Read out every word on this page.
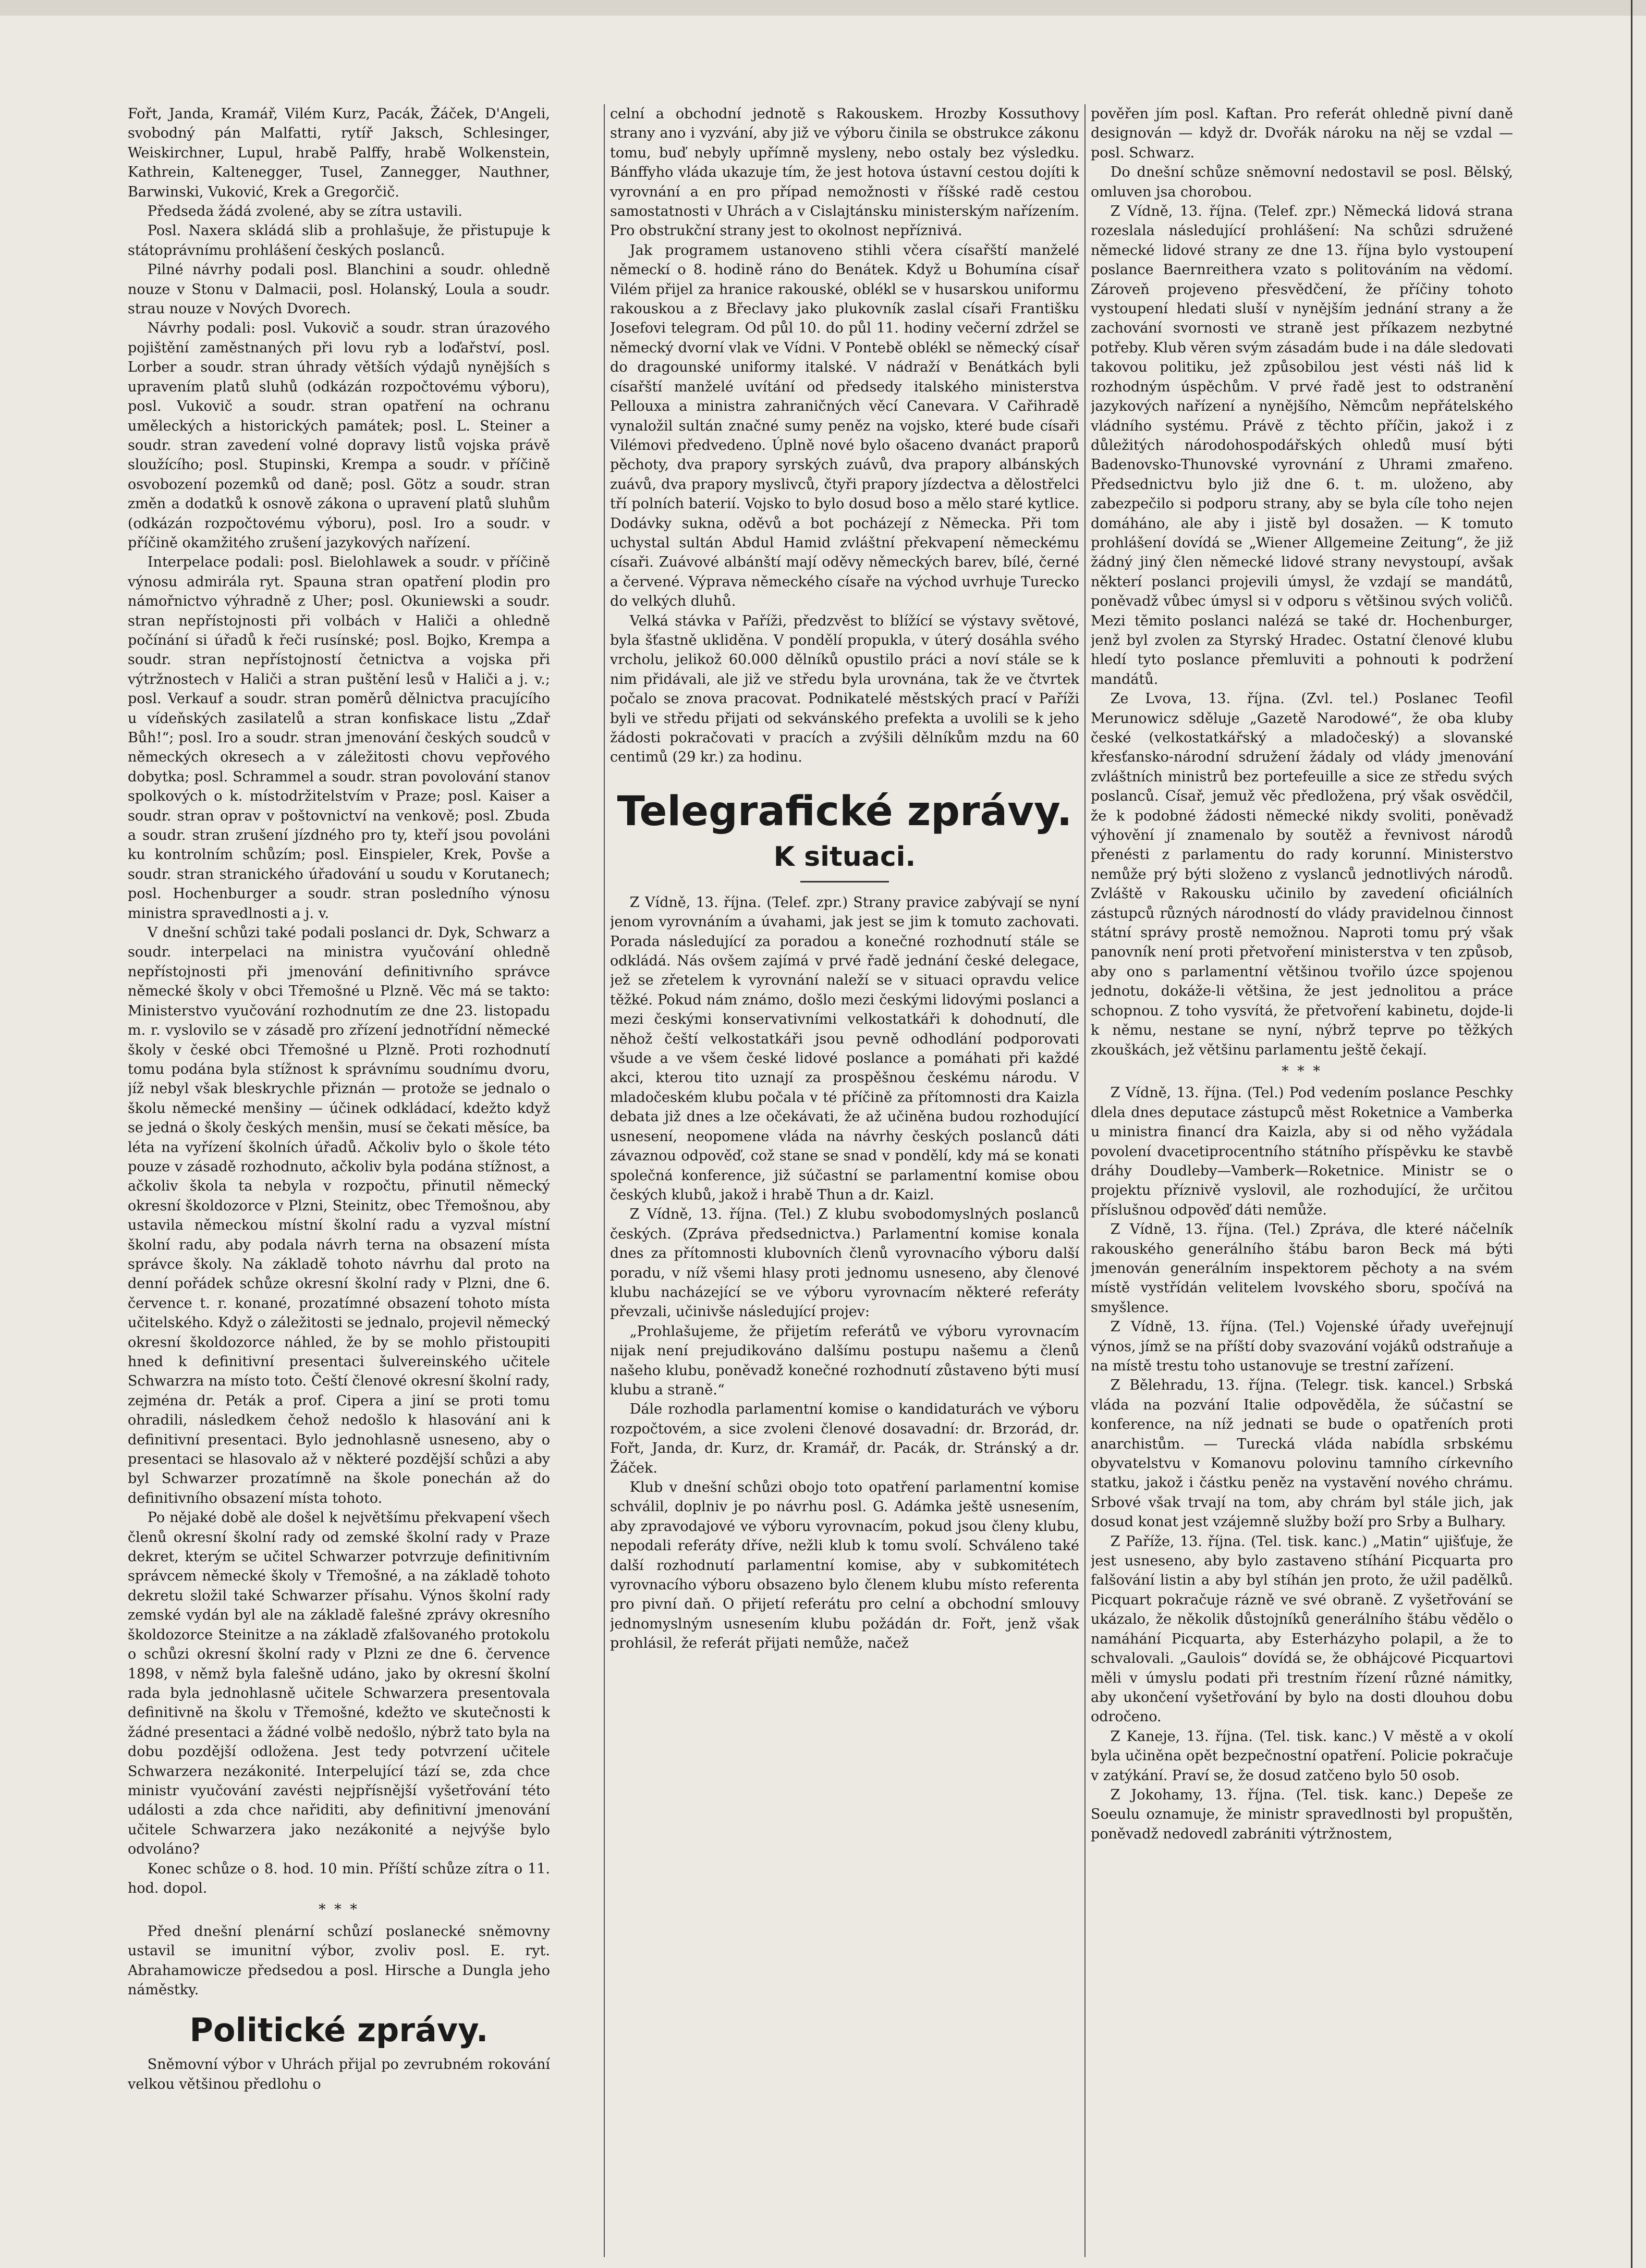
Fořt, Janda, Kramář, Vilém Kurz, Pacák, Žáček, D'Angeli, svobodný pán Malfatti, rytíř Jaksch, Schlesinger, Weiskirchner, Lupul, hrabě Palffy, hrabě Wolkenstein, Kathrein, Kaltenegger, Tusel, Zannegger, Nauthner, Barwinski, Vuković, Krek a Gregorčič.

Předseda žádá zvolené, aby se zítra ustavili.

Posl. Naxera skládá slib a prohlašuje, že přistupuje k státoprávnímu prohlášení českých poslanců.

Pilné návrhy podali posl. Blanchini a soudr. ohledně nouze v Stonu v Dalmacii, posl. Holanský, Loula a soudr. strau nouze v Nových Dvorech.

Návrhy podali: posl. Vukovič a soudr. stran úrazového pojištění zaměstnaných při lovu ryb a loďařství, posl. Lorber a soudr. stran úhrady větších výdajů nynějších s upravením platů sluhů (odkázán rozpočtovému výboru), posl. Vukovič a soudr. stran opatření na ochranu uměleckých a historických památek; posl. L. Steiner a soudr. stran zavedení volné dopravy listů vojska právě sloužícího; posl. Stupinski, Krempa a soudr. v příčině osvobození pozemků od daně; posl. Götz a soudr. stran změn a dodatků k osnově zákona o upravení platů sluhům (odkázán rozpočtovému výboru), posl. Iro a soudr. v příčině okamžitého zrušení jazykových nařízení.

Interpelace podali: posl. Bielohlawek a soudr. v příčině výnosu admirála ryt. Spauna stran opatření plodin pro námořnictvo výhradně z Uher; posl. Okuniewski a soudr. stran nepřístojnosti při volbách v Haliči a ohledně počínání si úřadů k řeči rusínské; posl. Bojko, Krempa a soudr. stran nepřístojností četnictva a vojska při výtržnostech v Haliči a stran puštění lesů v Haliči a j. v.; posl. Verkauf a soudr. stran poměrů dělnictva pracujícího u vídeňských zasilatelů a stran konfiskace listu „Zdař Bůh!“; posl. Iro a soudr. stran jmenování českých soudců v německých okresech a v záležitosti chovu vepřového dobytka; posl. Schrammel a soudr. stran povolování stanov spolkových o k. místodržitelstvím v Praze; posl. Kaiser a soudr. stran oprav v poštovnictví na venkově; posl. Zbuda a soudr. stran zrušení jízdného pro ty, kteří jsou povoláni ku kontrolním schůzím; posl. Einspieler, Krek, Povše a soudr. stran stranického úřadování u soudu v Korutanech; posl. Hochenburger a soudr. stran posledního výnosu ministra spravedlnosti a j. v.

V dnešní schůzi také podali poslanci dr. Dyk, Schwarz a soudr. interpelaci na ministra vyučování ohledně nepřístojnosti při jmenování definitivního správce německé školy v obci Třemošné u Plzně. Věc má se takto: Ministerstvo vyučování rozhodnutím ze dne 23. listopadu m. r. vyslovilo se v zásadě pro zřízení jednotřídní německé školy v české obci Třemošné u Plzně. Proti rozhodnutí tomu podána byla stížnost k správnímu soudnímu dvoru, jíž nebyl však bleskrychle přiznán — protože se jednalo o školu německé menšiny — účinek odkládací, kdežto když se jedná o školy českých menšin, musí se čekati měsíce, ba léta na vyřízení školních úřadů. Ačkoliv bylo o škole této pouze v zásadě rozhodnuto, ačkoliv byla podána stížnost, a ačkoliv škola ta nebyla v rozpočtu, přinutil německý okresní školdozorce v Plzni, Steinitz, obec Třemošnou, aby ustavila německou místní školní radu a vyzval místní školní radu, aby podala návrh terna na obsazení místa správce školy. Na základě tohoto návrhu dal proto na denní pořádek schůze okresní školní rady v Plzni, dne 6. července t. r. konané, prozatímné obsazení tohoto místa učitelského. Když o záležitosti se jednalo, projevil německý okresní školdozorce náhled, že by se mohlo přistoupiti hned k definitivní presentaci šulvereinského učitele Schwarzra na místo toto. Čeští členové okresní školní rady, zejména dr. Peták a prof. Cipera a jiní se proti tomu ohradili, následkem čehož nedošlo k hlasování ani k definitivní presentaci. Bylo jednohlasně usneseno, aby o presentaci se hlasovalo až v některé pozdější schůzi a aby byl Schwarzer prozatímně na škole ponechán až do definitivního obsazení místa tohoto.

Po nějaké době ale došel k největšímu překvapení všech členů okresní školní rady od zemské školní rady v Praze dekret, kterým se učitel Schwarzer potvrzuje definitivním správcem německé školy v Třemošné, a na základě tohoto dekretu složil také Schwarzer přísahu. Výnos školní rady zemské vydán byl ale na základě falešné zprávy okresního školdozorce Steinitze a na základě zfalšovaného protokolu o schůzi okresní školní rady v Plzni ze dne 6. července 1898, v němž byla falešně udáno, jako by okresní školní rada byla jednohlasně učitele Schwarzera presentovala definitivně na školu v Třemošné, kdežto ve skutečnosti k žádné presentaci a žádné volbě nedošlo, nýbrž tato byla na dobu pozdější odložena. Jest tedy potvrzení učitele Schwarzera nezákonité. Interpelující tází se, zda chce ministr vyučování zavésti nejpřísnější vyšetřování této události a zda chce nařiditi, aby definitivní jmenování učitele Schwarzera jako nezákonité a nejvýše bylo odvoláno?

Konec schůze o 8. hod. 10 min. Příští schůze zítra o 11. hod. dopol.

* * *

Před dnešní plenární schůzí poslanecké sněmovny ustavil se imunitní výbor, zvoliv posl. E. ryt. Abrahamowicze předsedou a posl. Hirsche a Dungla jeho náměstky.

Politické zprávy.

Sněmovní výbor v Uhrách přijal po zevrubném rokování velkou většinou předlohu o

celní a obchodní jednotě s Rakouskem. Hrozby Kossuthovy strany ano i vyzvání, aby již ve výboru činila se obstrukce zákonu tomu, buď nebyly upřímně mysleny, nebo ostaly bez výsledku. Bánffyho vláda ukazuje tím, že jest hotova ústavní cestou dojíti k vyrovnání a en pro případ nemožnosti v říšské radě cestou samostatnosti v Uhrách a v Cislajtánsku ministerským nařízením. Pro obstrukční strany jest to okolnost nepříznivá.

Jak programem ustanoveno stihli včera císařští manželé německí o 8. hodině ráno do Benátek. Když u Bohumína císař Vilém přijel za hranice rakouské, oblékl se v husarskou uniformu rakouskou a z Břeclavy jako plukovník zaslal císaři Františku Josefovi telegram. Od půl 10. do půl 11. hodiny večerní zdržel se německý dvorní vlak ve Vídni. V Pontebě oblékl se německý císař do dragounské uniformy italské. V nádraží v Benátkách byli císařští manželé uvítání od předsedy italského ministerstva Pellouxa a ministra zahraničných věcí Canevara. V Cařihradě vynaložil sultán značné sumy peněz na vojsko, které bude císaři Vilémovi předvedeno. Úplně nové bylo ošaceno dvanáct praporů pěchoty, dva prapory syrských zuávů, dva prapory albánských zuávů, dva prapory myslivců, čtyři prapory jízdectva a dělostřelci tří polních baterií. Vojsko to bylo dosud boso a mělo staré kytlice. Dodávky sukna, oděvů a bot pocházejí z Německa. Při tom uchystal sultán Abdul Hamid zvláštní překvapení německému císaři. Zuávové albánští mají oděvy německých barev, bílé, černé a červené. Výprava německého císaře na východ uvrhuje Turecko do velkých dluhů.

Velká stávka v Paříži, předzvěst to blížící se výstavy světové, byla šťastně ukliděna. V pondělí propukla, v úterý dosáhla svého vrcholu, jelikož 60.000 dělníků opustilo práci a noví stále se k nim přidávali, ale již ve středu byla urovnána, tak že ve čtvrtek počalo se znova pracovat. Podnikatelé městských prací v Paříži byli ve středu přijati od sekvánského prefekta a uvolili se k jeho žádosti pokračovati v pracích a zvýšili dělníkům mzdu na 60 centimů (29 kr.) za hodinu.

Telegrafické zprávy.
K situaci.

Z Vídně, 13. října. (Telef. zpr.) Strany pravice zabývají se nyní jenom vyrovnáním a úvahami, jak jest se jim k tomuto zachovati. Porada následující za poradou a konečné rozhodnutí stále se odkládá. Nás ovšem zajímá v prvé řadě jednání české delegace, jež se zřetelem k vyrovnání naleží se v situaci opravdu velice těžké. Pokud nám známo, došlo mezi českými lidovými poslanci a mezi českými konservativními velkostatkáři k dohodnutí, dle něhož čeští velkostatkáři jsou pevně odhodlání podporovati všude a ve všem české lidové poslance a pomáhati při každé akci, kterou tito uznají za prospěšnou českému národu. V mladočeském klubu počala v té příčině za přítomnosti dra Kaizla debata již dnes a lze očekávati, že až učiněna budou rozhodující usnesení, neopomene vláda na návrhy českých poslanců dáti závaznou odpověď, což stane se snad v pondělí, kdy má se konati společná konference, již súčastní se parlamentní komise obou českých klubů, jakož i hrabě Thun a dr. Kaizl.

Z Vídně, 13. října. (Tel.) Z klubu svobodomyslných poslanců českých. (Zpráva předsednictva.) Parlamentní komise konala dnes za přítomnosti klubovních členů vyrovnacího výboru další poradu, v níž všemi hlasy proti jednomu usneseno, aby členové klubu nacházející se ve výboru vyrovnacím některé referáty převzali, učinivše následující projev:

„Prohlašujeme, že přijetím referátů ve výboru vyrovnacím nijak není prejudikováno dalšímu postupu našemu a členů našeho klubu, poněvadž konečné rozhodnutí zůstaveno býti musí klubu a straně.“

Dále rozhodla parlamentní komise o kandidaturách ve výboru rozpočtovém, a sice zvoleni členové dosavadní: dr. Brzorád, dr. Fořt, Janda, dr. Kurz, dr. Kramář, dr. Pacák, dr. Stránský a dr. Žáček.

Klub v dnešní schůzi obojo toto opatření parlamentní komise schválil, doplniv je po návrhu posl. G. Adámka ještě usnesením, aby zpravodajové ve výboru vyrovnacím, pokud jsou členy klubu, nepodali referáty dříve, nežli klub k tomu svolí. Schváleno také další rozhodnutí parlamentní komise, aby v subkomitétech vyrovnacího výboru obsazeno bylo členem klubu místo referenta pro pivní daň. O přijetí referátu pro celní a obchodní smlouvy jednomyslným usnesením klubu požádán dr. Fořt, jenž však prohlásil, že referát přijati nemůže, načež

pověřen jím posl. Kaftan. Pro referát ohledně pivní daně designován — když dr. Dvořák nároku na něj se vzdal — posl. Schwarz.

Do dnešní schůze sněmovní nedostavil se posl. Bělský, omluven jsa chorobou.

Z Vídně, 13. října. (Telef. zpr.) Německá lidová strana rozeslala následující prohlášení: Na schůzi sdružené německé lidové strany ze dne 13. října bylo vystoupení poslance Baernreithera vzato s politováním na vědomí. Zároveň projeveno přesvědčení, že příčiny tohoto vystoupení hledati sluší v nynějším jednání strany a že zachování svornosti ve straně jest příkazem nezbytné potřeby. Klub věren svým zásadám bude i na dále sledovati takovou politiku, jež způsobilou jest vésti náš lid k rozhodným úspěchům. V prvé řadě jest to odstranění jazykových nařízení a nynějšího, Němcům nepřátelského vládního systému. Právě z těchto příčin, jakož i z důležitých národohospodářských ohledů musí býti Badenovsko-Thunovské vyrovnání z Uhrami zmařeno. Předsednictvu bylo již dne 6. t. m. uloženo, aby zabezpečilo si podporu strany, aby se byla cíle toho nejen domáháno, ale aby i jistě byl dosažen. — K tomuto prohlášení dovídá se „Wiener Allgemeine Zeitung“, že již žádný jiný člen německé lidové strany nevystoupí, avšak některí poslanci projevili úmysl, že vzdají se mandátů, poněvadž vůbec úmysl si v odporu s většinou svých voličů. Mezi těmito poslanci nalézá se také dr. Hochenburger, jenž byl zvolen za Styrský Hradec. Ostatní členové klubu hledí tyto poslance přemluviti a pohnouti k podržení mandátů.

Ze Lvova, 13. října. (Zvl. tel.) Poslanec Teofil Merunowicz sděluje „Gazetě Narodowé“, že oba kluby české (velkostatkářský a mladočeský) a slovanské křesťansko-národní sdružení žádaly od vlády jmenování zvláštních ministrů bez portefeuille a sice ze středu svých poslanců. Císař, jemuž věc předložena, prý však osvědčil, že k podobné žádosti německé nikdy svoliti, poněvadž výhovění jí znamenalo by soutěž a řevnivost národů přenésti z parlamentu do rady korunní. Ministerstvo nemůže prý býti složeno z vyslanců jednotlivých národů. Zvláště v Rakousku učinilo by zavedení oficiálních zástupců různých národností do vlády pravidelnou činnost státní správy prostě nemožnou. Naproti tomu prý však panovník není proti přetvoření ministerstva v ten způsob, aby ono s parlamentní většinou tvořilo úzce spojenou jednotu, dokáže-li většina, že jest jednolitou a práce schopnou. Z toho vysvítá, že přetvoření kabinetu, dojde-li k němu, nestane se nyní, nýbrž teprve po těžkých zkouškách, jež většinu parlamentu ještě čekají.

* * *

Z Vídně, 13. října. (Tel.) Pod vedením poslance Peschky dlela dnes deputace zástupců měst Roketnice a Vamberka u ministra financí dra Kaizla, aby si od něho vyžádala povolení dvacetiprocentního státního příspěvku ke stavbě dráhy Doudleby—Vamberk—Roketnice. Ministr se o projektu příznivě vyslovil, ale rozhodující, že určitou příslušnou odpověď dáti nemůže.

Z Vídně, 13. října. (Tel.) Zpráva, dle které náčelník rakouského generálního štábu baron Beck má býti jmenován generálním inspektorem pěchoty a na svém místě vystřídán velitelem lvovského sboru, spočívá na smyšlence.

Z Vídně, 13. října. (Tel.) Vojenské úřady uveřejnují výnos, jímž se na příští doby svazování vojáků odstraňuje a na místě trestu toho ustanovuje se trestní zařízení.

Z Bělehradu, 13. října. (Telegr. tisk. kancel.) Srbská vláda na pozvání Italie odpověděla, že súčastní se konference, na níž jednati se bude o opatřeních proti anarchistům. — Turecká vláda nabídla srbskému obyvatelstvu v Komanovu polovinu tamního církevního statku, jakož i částku peněz na vystavění nového chrámu. Srbové však trvají na tom, aby chrám byl stále jich, jak dosud konat jest vzájemně služby boží pro Srby a Bulhary.

Z Paříže, 13. října. (Tel. tisk. kanc.) „Matin“ ujišťuje, že jest usneseno, aby bylo zastaveno stíhání Picquarta pro falšování listin a aby byl stíhán jen proto, že užil padělků. Picquart pokračuje rázně ve své obraně. Z vyšetřování se ukázalo, že několik důstojníků generálního štábu vědělo o namáhání Picquarta, aby Esterházyho polapil, a že to schvalovali. „Gaulois“ dovídá se, že obhájcové Picquartovi měli v úmyslu podati při trestním řízení různé námitky, aby ukončení vyšetřování by bylo na dosti dlouhou dobu odročeno.

Z Kaneje, 13. října. (Tel. tisk. kanc.) V městě a v okolí byla učiněna opět bezpečnostní opatření. Policie pokračuje v zatýkání. Praví se, že dosud zatčeno bylo 50 osob.

Z Jokohamy, 13. října. (Tel. tisk. kanc.) Depeše ze Soeulu oznamuje, že ministr spravedlnosti byl propuštěn, poněvadž nedovedl zabrániti výtržnostem,
